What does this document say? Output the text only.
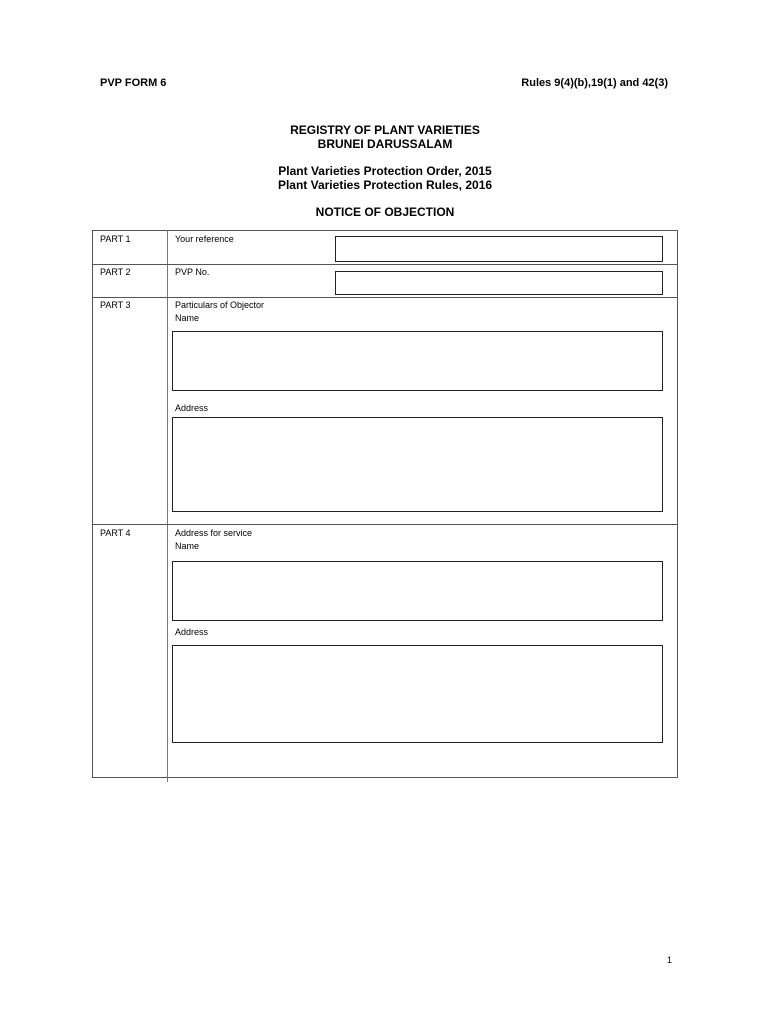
PVP FORM 6	Rules 9(4)(b),19(1) and 42(3)
REGISTRY OF PLANT VARIETIES
BRUNEI DARUSSALAM
Plant Varieties Protection Order, 2015
Plant Varieties Protection Rules, 2016
NOTICE OF OBJECTION
PART 1	Your reference
PART 2	PVP No.
PART 3	Particulars of Objector
Name
Address
PART 4	Address for service
Name
Address
1
